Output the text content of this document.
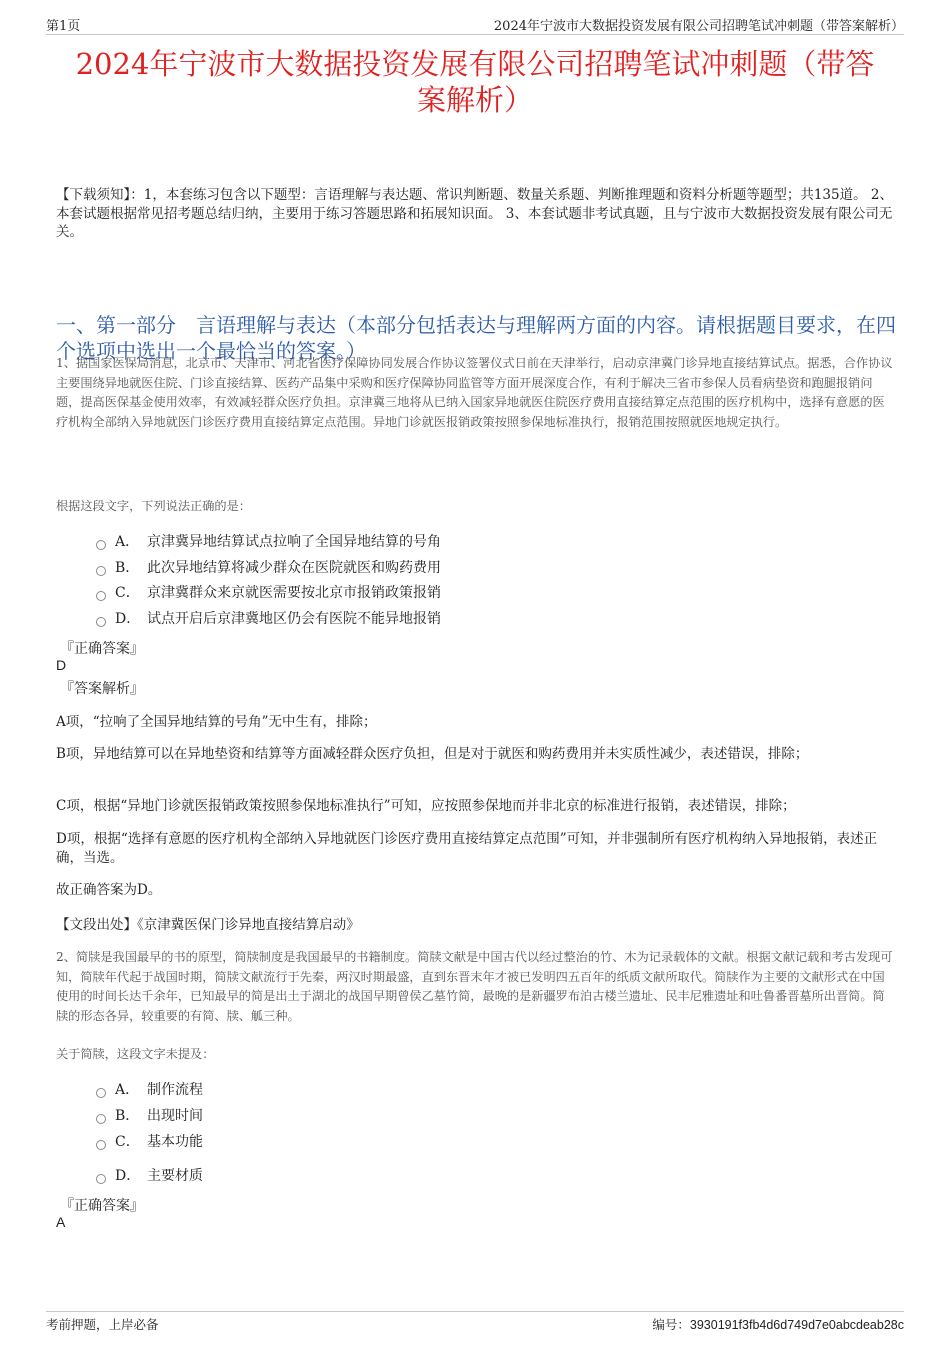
第1页	2024年宁波市大数据投资发展有限公司招聘笔试冲刺题（带答案解析）
2024年宁波市大数据投资发展有限公司招聘笔试冲刺题（带答
案解析）
【下载须知】：1，本套练习包含以下题型：言语理解与表达题、常识判断题、数量关系题、判断推理题和资料分析题等题型；共135道。 2、本套试题根据常见招考题总结归纳，主要用于练习答题思路和拓展知识面。 3、本套试题非考试真题，且与宁波市大数据投资发展有限公司无关。
一、第一部分　言语理解与表达（本部分包括表达与理解两方面的内容。请根据题目要求，在四个选项中选出一个最恰当的答案。）
1、据国家医保局消息，北京市、天津市、河北省医疗保障协同发展合作协议签署仪式日前在天津举行，启动京津冀门诊异地直接结算试点。据悉，合作协议主要围绕异地就医住院、门诊直接结算、医药产品集中采购和医疗保障协同监管等方面开展深度合作，有利于解决三省市参保人员看病垫资和跑腿报销问题，提高医保基金使用效率，有效减轻群众医疗负担。京津冀三地将从已纳入国家异地就医住院医疗费用直接结算定点范围的医疗机构中，选择有意愿的医疗机构全部纳入异地就医门诊医疗费用直接结算定点范围。异地门诊就医报销政策按照参保地标准执行，报销范围按照就医地规定执行。
根据这段文字，下列说法正确的是：
A． 京津冀异地结算试点拉响了全国异地结算的号角
B． 此次异地结算将减少群众在医院就医和购药费用
C． 京津冀群众来京就医需要按北京市报销政策报销
D． 试点开启后京津冀地区仍会有医院不能异地报销
『正确答案』
D
『答案解析』
A项，“拉响了全国异地结算的号角”无中生有，排除；
B项，异地结算可以在异地垫资和结算等方面减轻群众医疗负担，但是对于就医和购药费用并未实质性减少，表述错误，排除；
C项，根据“异地门诊就医报销政策按照参保地标准执行”可知，应按照参保地而并非北京的标准进行报销，表述错误，排除；
D项，根据“选择有意愿的医疗机构全部纳入异地就医门诊医疗费用直接结算定点范围”可知，并非强制所有医疗机构纳入异地报销，表述正确，当选。
故正确答案为D。
【文段出处】《京津冀医保门诊异地直接结算启动》
2、简牍是我国最早的书的原型，简牍制度是我国最早的书籍制度。简牍文献是中国古代以经过整治的竹、木为记录载体的文献。根据文献记载和考古发现可知，简牍年代起于战国时期，简牍文献流行于先秦，两汉时期最盛，直到东晋末年才被已发明四五百年的纸质文献所取代。简牍作为主要的文献形式在中国使用的时间长达千余年，已知最早的简是出土于湖北的战国早期曾侯乙墓竹简，最晚的是新疆罗布泊古楼兰遗址、民丰尼雅遗址和吐鲁番晋墓所出晋简。简牍的形态各异，较重要的有简、牍、觚三种。
关于简牍，这段文字未提及：
A． 制作流程
B． 出现时间
C． 基本功能
D． 主要材质
『正确答案』
A
考前押题，上岸必备	编号：3930191f3fb4d6d749d7e0abcdeab28c
